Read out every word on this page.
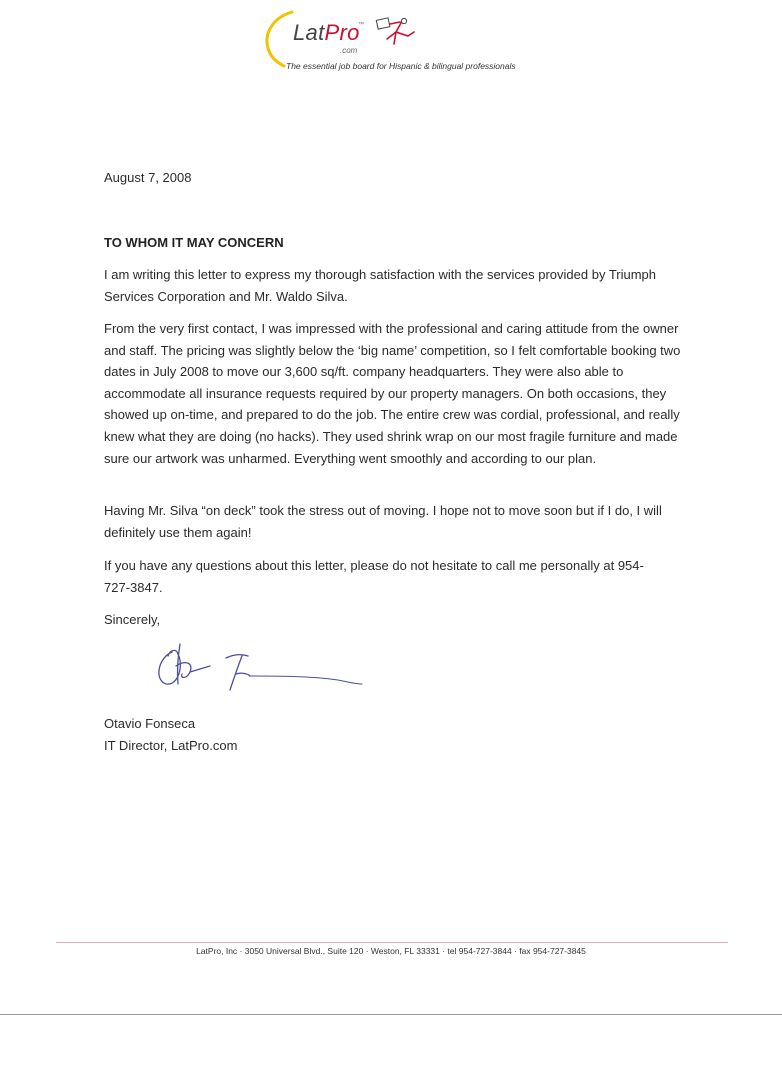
LatPro
™
.com
The essential job board for Hispanic & bilingual professionals
August 7, 2008
TO WHOM IT MAY CONCERN

I am writing this letter to express my thorough satisfaction with the services provided by Triumph Services Corporation and Mr. Waldo Silva.

From the very first contact, I was impressed with the professional and caring attitude from the owner and staff. The pricing was slightly below the ‘big name’ competition, so I felt comfortable booking two dates in July 2008 to move our 3,600 sq/ft. company headquarters. They were also able to accommodate all insurance requests required by our property managers. On both occasions, they showed up on-time, and prepared to do the job. The entire crew was cordial, professional, and really knew what they are doing (no hacks). They used shrink wrap on our most fragile furniture and made sure our artwork was unharmed. Everything went smoothly and according to our plan.

Having Mr. Silva “on deck” took the stress out of moving. I hope not to move soon but if I do, I will definitely use them again!

If you have any questions about this letter, please do not hesitate to call me personally at 954-727-3847.

Sincerely,
Otavio Fonseca
IT Director, LatPro.com
LatPro, Inc · 3050 Universal Blvd., Suite 120 · Weston, FL 33331 · tel 954-727-3844 · fax 954-727-3845
